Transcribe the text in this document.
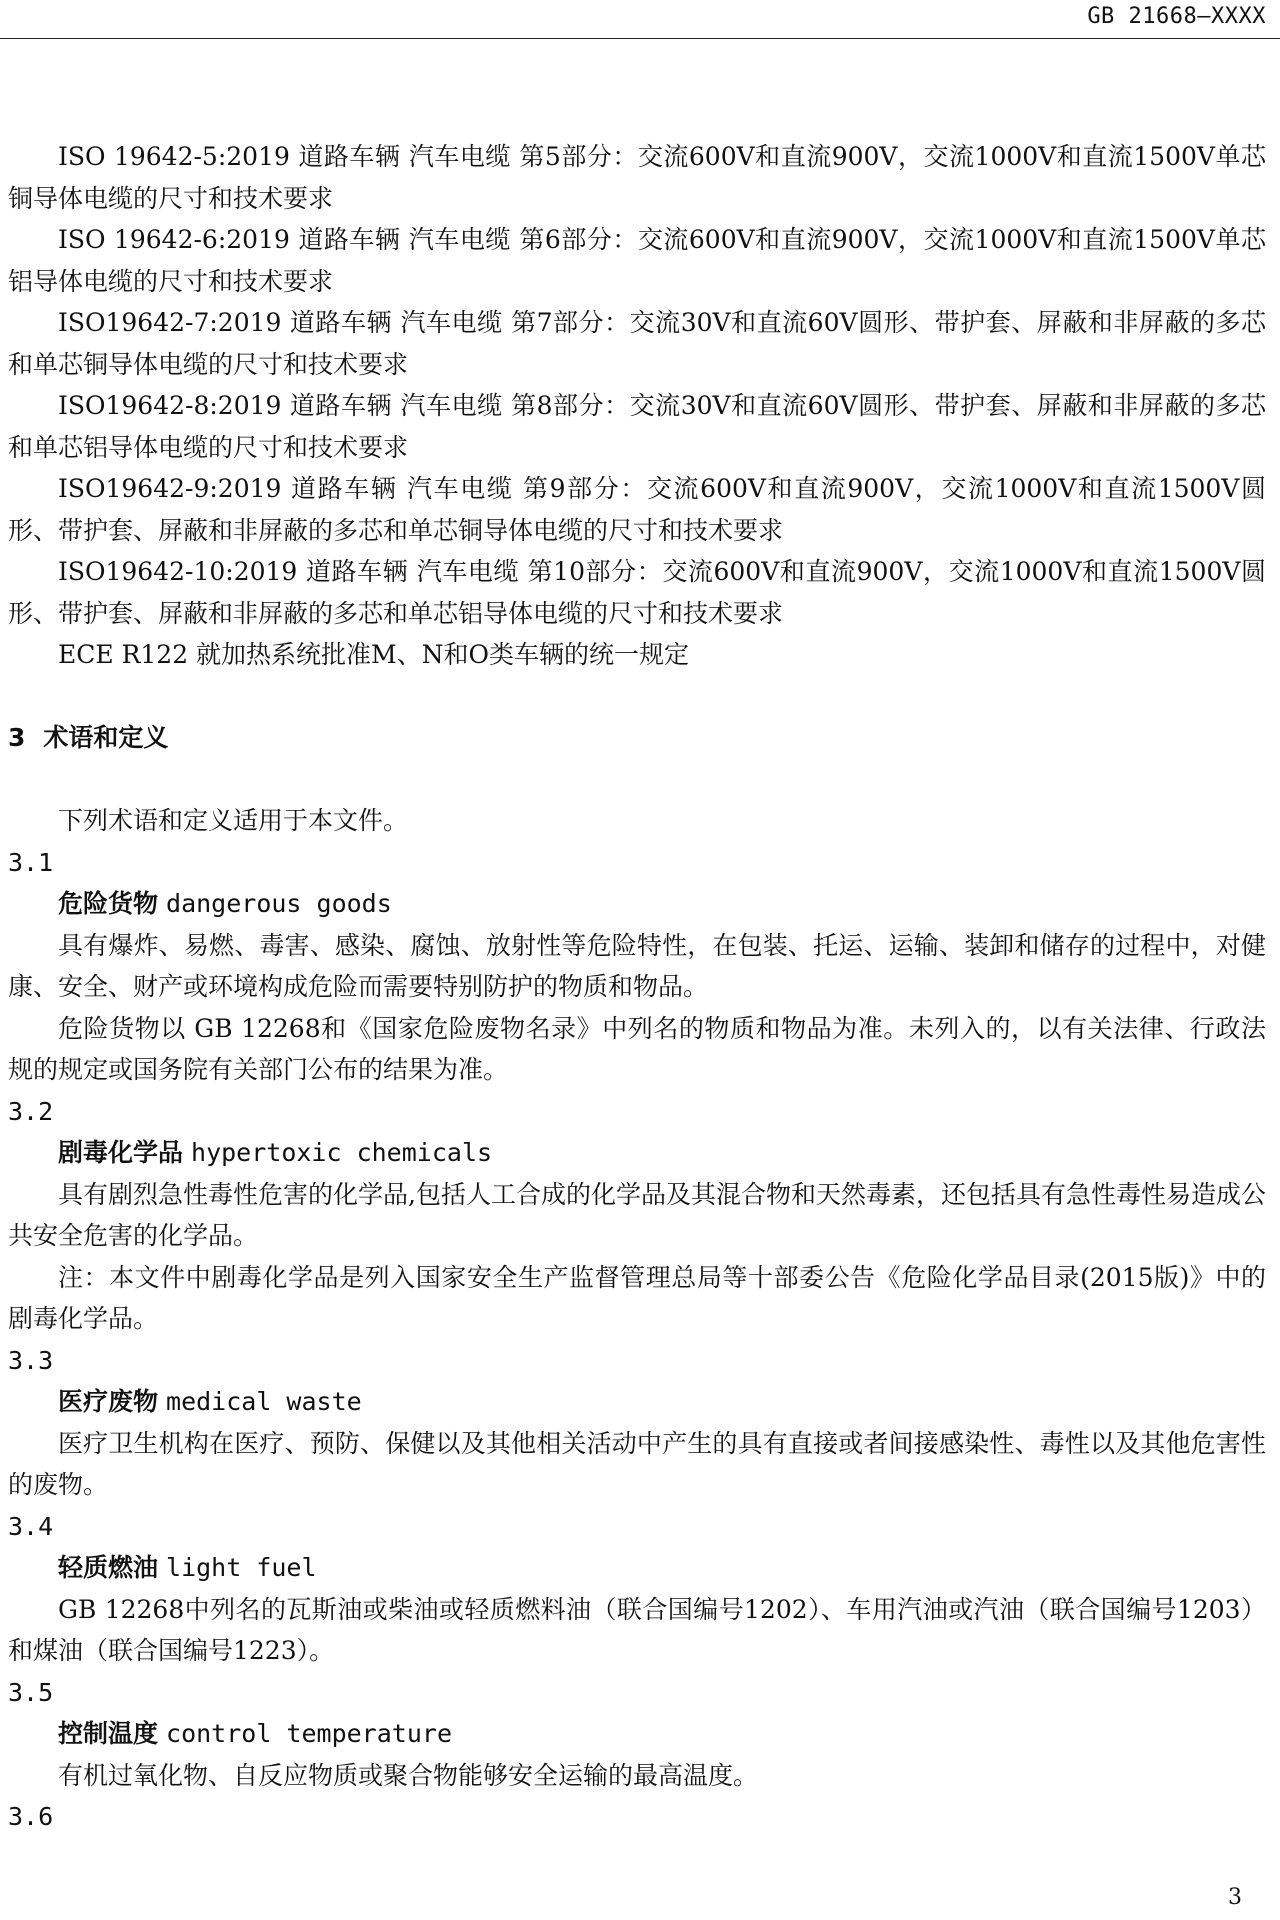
GB 21668—XXXX

ISO 19642-5:2019 道路车辆 汽车电缆 第5部分：交流600V和直流900V，交流1000V和直流1500V单芯铜导体电缆的尺寸和技术要求

ISO 19642-6:2019 道路车辆 汽车电缆 第6部分：交流600V和直流900V，交流1000V和直流1500V单芯铝导体电缆的尺寸和技术要求

ISO19642-7:2019 道路车辆 汽车电缆 第7部分：交流30V和直流60V圆形、带护套、屏蔽和非屏蔽的多芯和单芯铜导体电缆的尺寸和技术要求

ISO19642-8:2019 道路车辆 汽车电缆 第8部分：交流30V和直流60V圆形、带护套、屏蔽和非屏蔽的多芯和单芯铝导体电缆的尺寸和技术要求

ISO19642-9:2019 道路车辆 汽车电缆 第9部分：交流600V和直流900V，交流1000V和直流1500V圆形、带护套、屏蔽和非屏蔽的多芯和单芯铜导体电缆的尺寸和技术要求

ISO19642-10:2019 道路车辆 汽车电缆 第10部分：交流600V和直流900V，交流1000V和直流1500V圆形、带护套、屏蔽和非屏蔽的多芯和单芯铝导体电缆的尺寸和技术要求

ECE R122 就加热系统批准M、N和O类车辆的统一规定

3 术语和定义

下列术语和定义适用于本文件。

3.1

危险货物 dangerous goods

具有爆炸、易燃、毒害、感染、腐蚀、放射性等危险特性，在包装、托运、运输、装卸和储存的过程中，对健康、安全、财产或环境构成危险而需要特别防护的物质和物品。

危险货物以 GB 12268和《国家危险废物名录》中列名的物质和物品为准。未列入的，以有关法律、行政法规的规定或国务院有关部门公布的结果为准。

3.2

剧毒化学品 hypertoxic chemicals

具有剧烈急性毒性危害的化学品,包括人工合成的化学品及其混合物和天然毒素，还包括具有急性毒性易造成公共安全危害的化学品。

注：本文件中剧毒化学品是列入国家安全生产监督管理总局等十部委公告《危险化学品目录(2015版)》中的剧毒化学品。

3.3

医疗废物 medical waste

医疗卫生机构在医疗、预防、保健以及其他相关活动中产生的具有直接或者间接感染性、毒性以及其他危害性的废物。

3.4

轻质燃油 light fuel

GB 12268中列名的瓦斯油或柴油或轻质燃料油（联合国编号1202）、车用汽油或汽油（联合国编号1203）和煤油（联合国编号1223）。

3.5

控制温度 control temperature

有机过氧化物、自反应物质或聚合物能够安全运输的最高温度。

3.6

3
